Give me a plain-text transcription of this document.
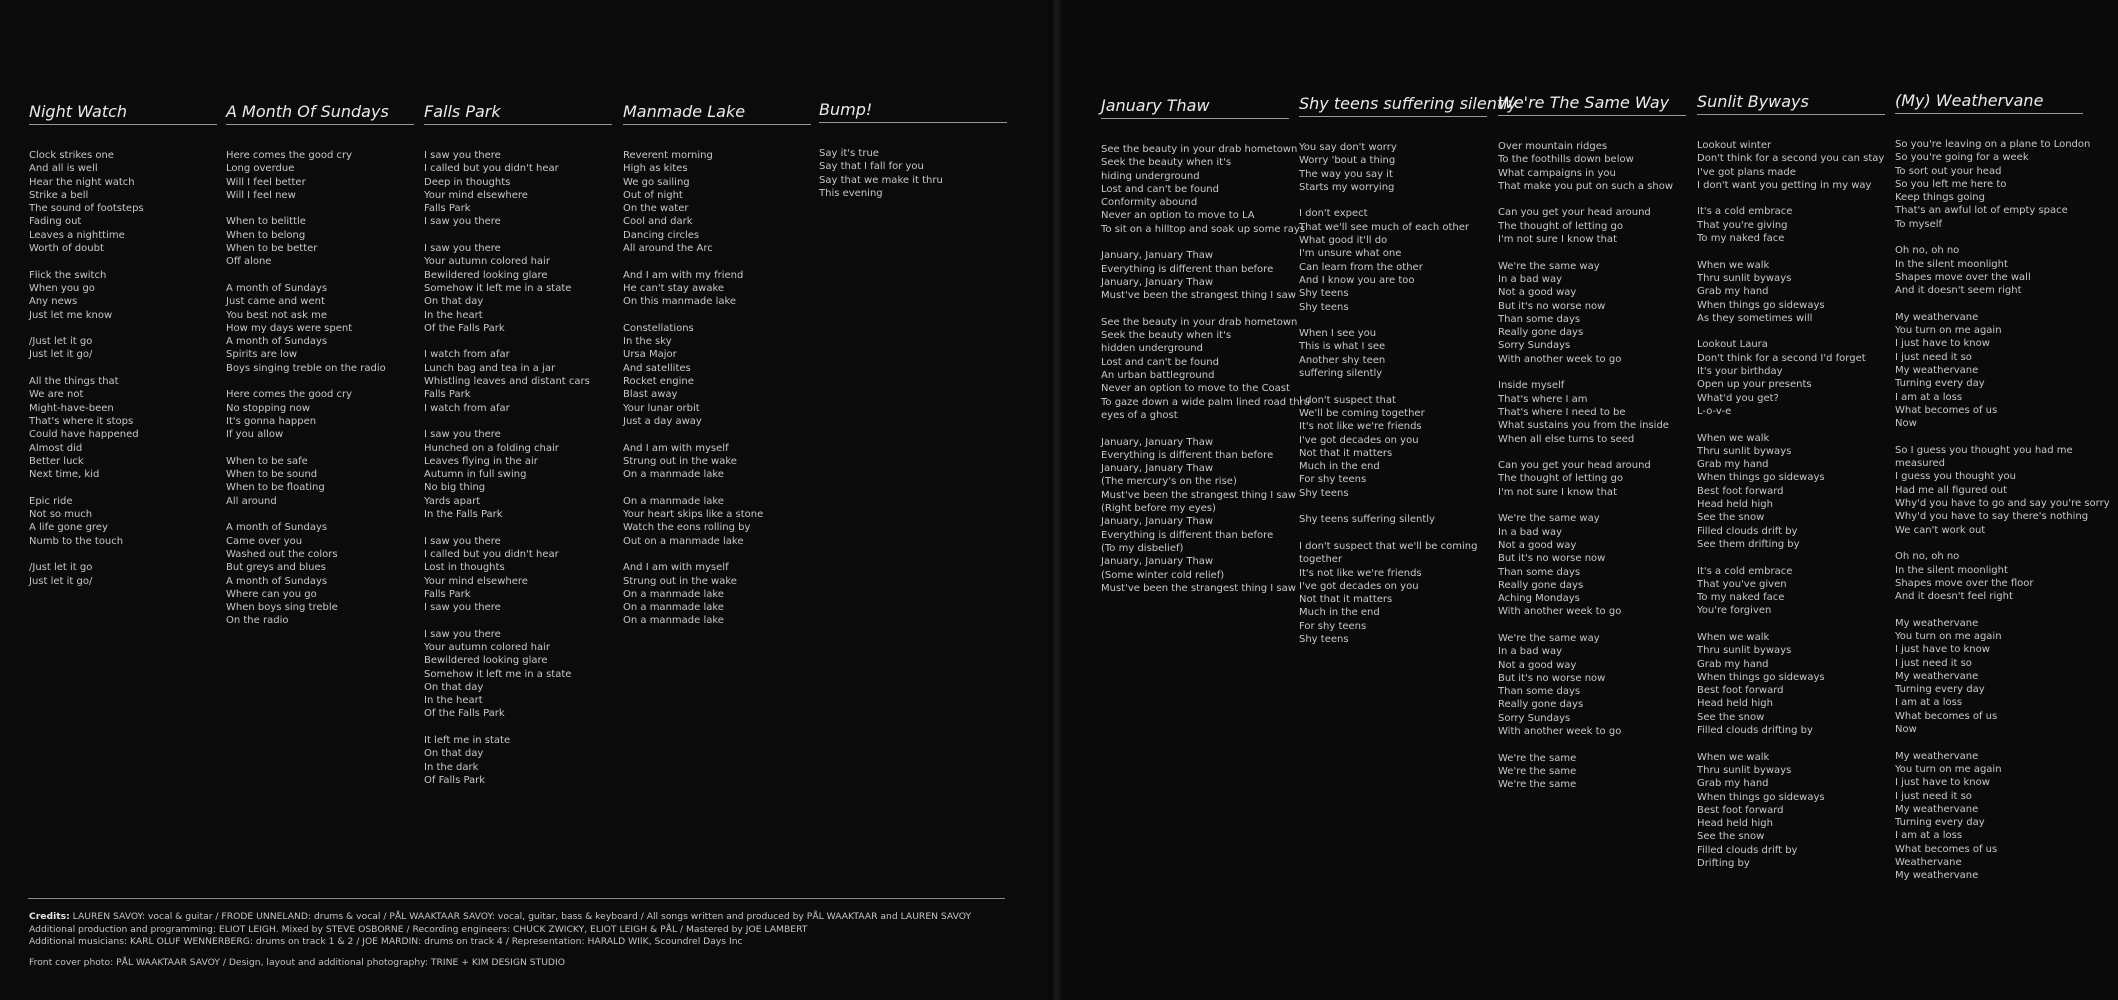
Night Watch
Clock strikes one
And all is well
Hear the night watch
Strike a bell
The sound of footsteps
Fading out
Leaves a nighttime
Worth of doubt
Flick the switch
When you go
Any news
Just let me know
/Just let it go
Just let it go/
All the things that
We are not
Might-have-been
That's where it stops
Could have happened
Almost did
Better luck
Next time, kid
Epic ride
Not so much
A life gone grey
Numb to the touch
/Just let it go
Just let it go/
A Month Of Sundays
Here comes the good cry
Long overdue
Will I feel better
Will I feel new
When to belittle
When to belong
When to be better
Off alone
A month of Sundays
Just came and went
You best not ask me
How my days were spent
A month of Sundays
Spirits are low
Boys singing treble on the radio
Here comes the good cry
No stopping now
It's gonna happen
If you allow
When to be safe
When to be sound
When to be floating
All around
A month of Sundays
Came over you
Washed out the colors
But greys and blues
A month of Sundays
Where can you go
When boys sing treble
On the radio
Falls Park
I saw you there
I called but you didn't hear
Deep in thoughts
Your mind elsewhere
Falls Park
I saw you there
I saw you there
Your autumn colored hair
Bewildered looking glare
Somehow it left me in a state
On that day
In the heart
Of the Falls Park
I watch from afar
Lunch bag and tea in a jar
Whistling leaves and distant cars
Falls Park
I watch from afar
I saw you there
Hunched on a folding chair
Leaves flying in the air
Autumn in full swing
No big thing
Yards apart
In the Falls Park
I saw you there
I called but you didn't hear
Lost in thoughts
Your mind elsewhere
Falls Park
I saw you there
I saw you there
Your autumn colored hair
Bewildered looking glare
Somehow it left me in a state
On that day
In the heart
Of the Falls Park
It left me in state
On that day
In the dark
Of Falls Park
Manmade Lake
Reverent morning
High as kites
We go sailing
Out of night
On the water
Cool and dark
Dancing circles
All around the Arc
And I am with my friend
He can't stay awake
On this manmade lake
Constellations
In the sky
Ursa Major
And satellites
Rocket engine
Blast away
Your lunar orbit
Just a day away
And I am with myself
Strung out in the wake
On a manmade lake
On a manmade lake
Your heart skips like a stone
Watch the eons rolling by
Out on a manmade lake
And I am with myself
Strung out in the wake
On a manmade lake
On a manmade lake
On a manmade lake
Bump!
Say it's true
Say that I fall for you
Say that we make it thru
This evening
Credits: LAUREN SAVOY: vocal & guitar / FRODE UNNELAND: drums & vocal / PÅL WAAKTAAR SAVOY: vocal, guitar, bass & keyboard / All songs written and produced by PÅL WAAKTAAR and LAUREN SAVOY
Additional production and programming: ELIOT LEIGH. Mixed by STEVE OSBORNE / Recording engineers: CHUCK ZWICKY, ELIOT LEIGH & PÅL / Mastered by JOE LAMBERT
Additional musicians: KARL OLUF WENNERBERG: drums on track 1 & 2 / JOE MARDIN: drums on track 4 / Representation: HARALD WIIK, Scoundrel Days Inc
Front cover photo: PÅL WAAKTAAR SAVOY / Design, layout and additional photography: TRINE + KIM DESIGN STUDIO
January Thaw
See the beauty in your drab hometown
Seek the beauty when it's
hiding underground
Lost and can't be found
Conformity abound
Never an option to move to LA
To sit on a hilltop and soak up some rays
January, January Thaw
Everything is different than before
January, January Thaw
Must've been the strangest thing I saw
See the beauty in your drab hometown
Seek the beauty when it's
hidden underground
Lost and can't be found
An urban battleground
Never an option to move to the Coast
To gaze down a wide palm lined road thru
eyes of a ghost
January, January Thaw
Everything is different than before
January, January Thaw
(The mercury's on the rise)
Must've been the strangest thing I saw
(Right before my eyes)
January, January Thaw
Everything is different than before
(To my disbelief)
January, January Thaw
(Some winter cold relief)
Must've been the strangest thing I saw
Shy teens suffering silently
You say don't worry
Worry 'bout a thing
The way you say it
Starts my worrying
I don't expect
That we'll see much of each other
What good it'll do
I'm unsure what one
Can learn from the other
And I know you are too
Shy teens
Shy teens
When I see you
This is what I see
Another shy teen
suffering silently
I don't suspect that
We'll be coming together
It's not like we're friends
I've got decades on you
Not that it matters
Much in the end
For shy teens
Shy teens
Shy teens suffering silently
I don't suspect that we'll be coming
together
It's not like we're friends
I've got decades on you
Not that it matters
Much in the end
For shy teens
Shy teens
We're The Same Way
Over mountain ridges
To the foothills down below
What campaigns in you
That make you put on such a show
Can you get your head around
The thought of letting go
I'm not sure I know that
We're the same way
In a bad way
Not a good way
But it's no worse now
Than some days
Really gone days
Sorry Sundays
With another week to go
Inside myself
That's where I am
That's where I need to be
What sustains you from the inside
When all else turns to seed
Can you get your head around
The thought of letting go
I'm not sure I know that
We're the same way
In a bad way
Not a good way
But it's no worse now
Than some days
Really gone days
Aching Mondays
With another week to go
We're the same way
In a bad way
Not a good way
But it's no worse now
Than some days
Really gone days
Sorry Sundays
With another week to go
We're the same
We're the same
We're the same
Sunlit Byways
Lookout winter
Don't think for a second you can stay
I've got plans made
I don't want you getting in my way
It's a cold embrace
That you're giving
To my naked face
When we walk
Thru sunlit byways
Grab my hand
When things go sideways
As they sometimes will
Lookout Laura
Don't think for a second I'd forget
It's your birthday
Open up your presents
What'd you get?
L-o-v-e
When we walk
Thru sunlit byways
Grab my hand
When things go sideways
Best foot forward
Head held high
See the snow
Filled clouds drift by
See them drifting by
It's a cold embrace
That you've given
To my naked face
You're forgiven
When we walk
Thru sunlit byways
Grab my hand
When things go sideways
Best foot forward
Head held high
See the snow
Filled clouds drifting by
When we walk
Thru sunlit byways
Grab my hand
When things go sideways
Best foot forward
Head held high
See the snow
Filled clouds drift by
Drifting by
(My) Weathervane
So you're leaving on a plane to London
So you're going for a week
To sort out your head
So you left me here to
Keep things going
That's an awful lot of empty space
To myself
Oh no, oh no
In the silent moonlight
Shapes move over the wall
And it doesn't seem right
My weathervane
You turn on me again
I just have to know
I just need it so
My weathervane
Turning every day
I am at a loss
What becomes of us
Now
So I guess you thought you had me
measured
I guess you thought you
Had me all figured out
Why'd you have to go and say you're sorry
Why'd you have to say there's nothing
We can't work out
Oh no, oh no
In the silent moonlight
Shapes move over the floor
And it doesn't feel right
My weathervane
You turn on me again
I just have to know
I just need it so
My weathervane
Turning every day
I am at a loss
What becomes of us
Now
My weathervane
You turn on me again
I just have to know
I just need it so
My weathervane
Turning every day
I am at a loss
What becomes of us
Weathervane
My weathervane
